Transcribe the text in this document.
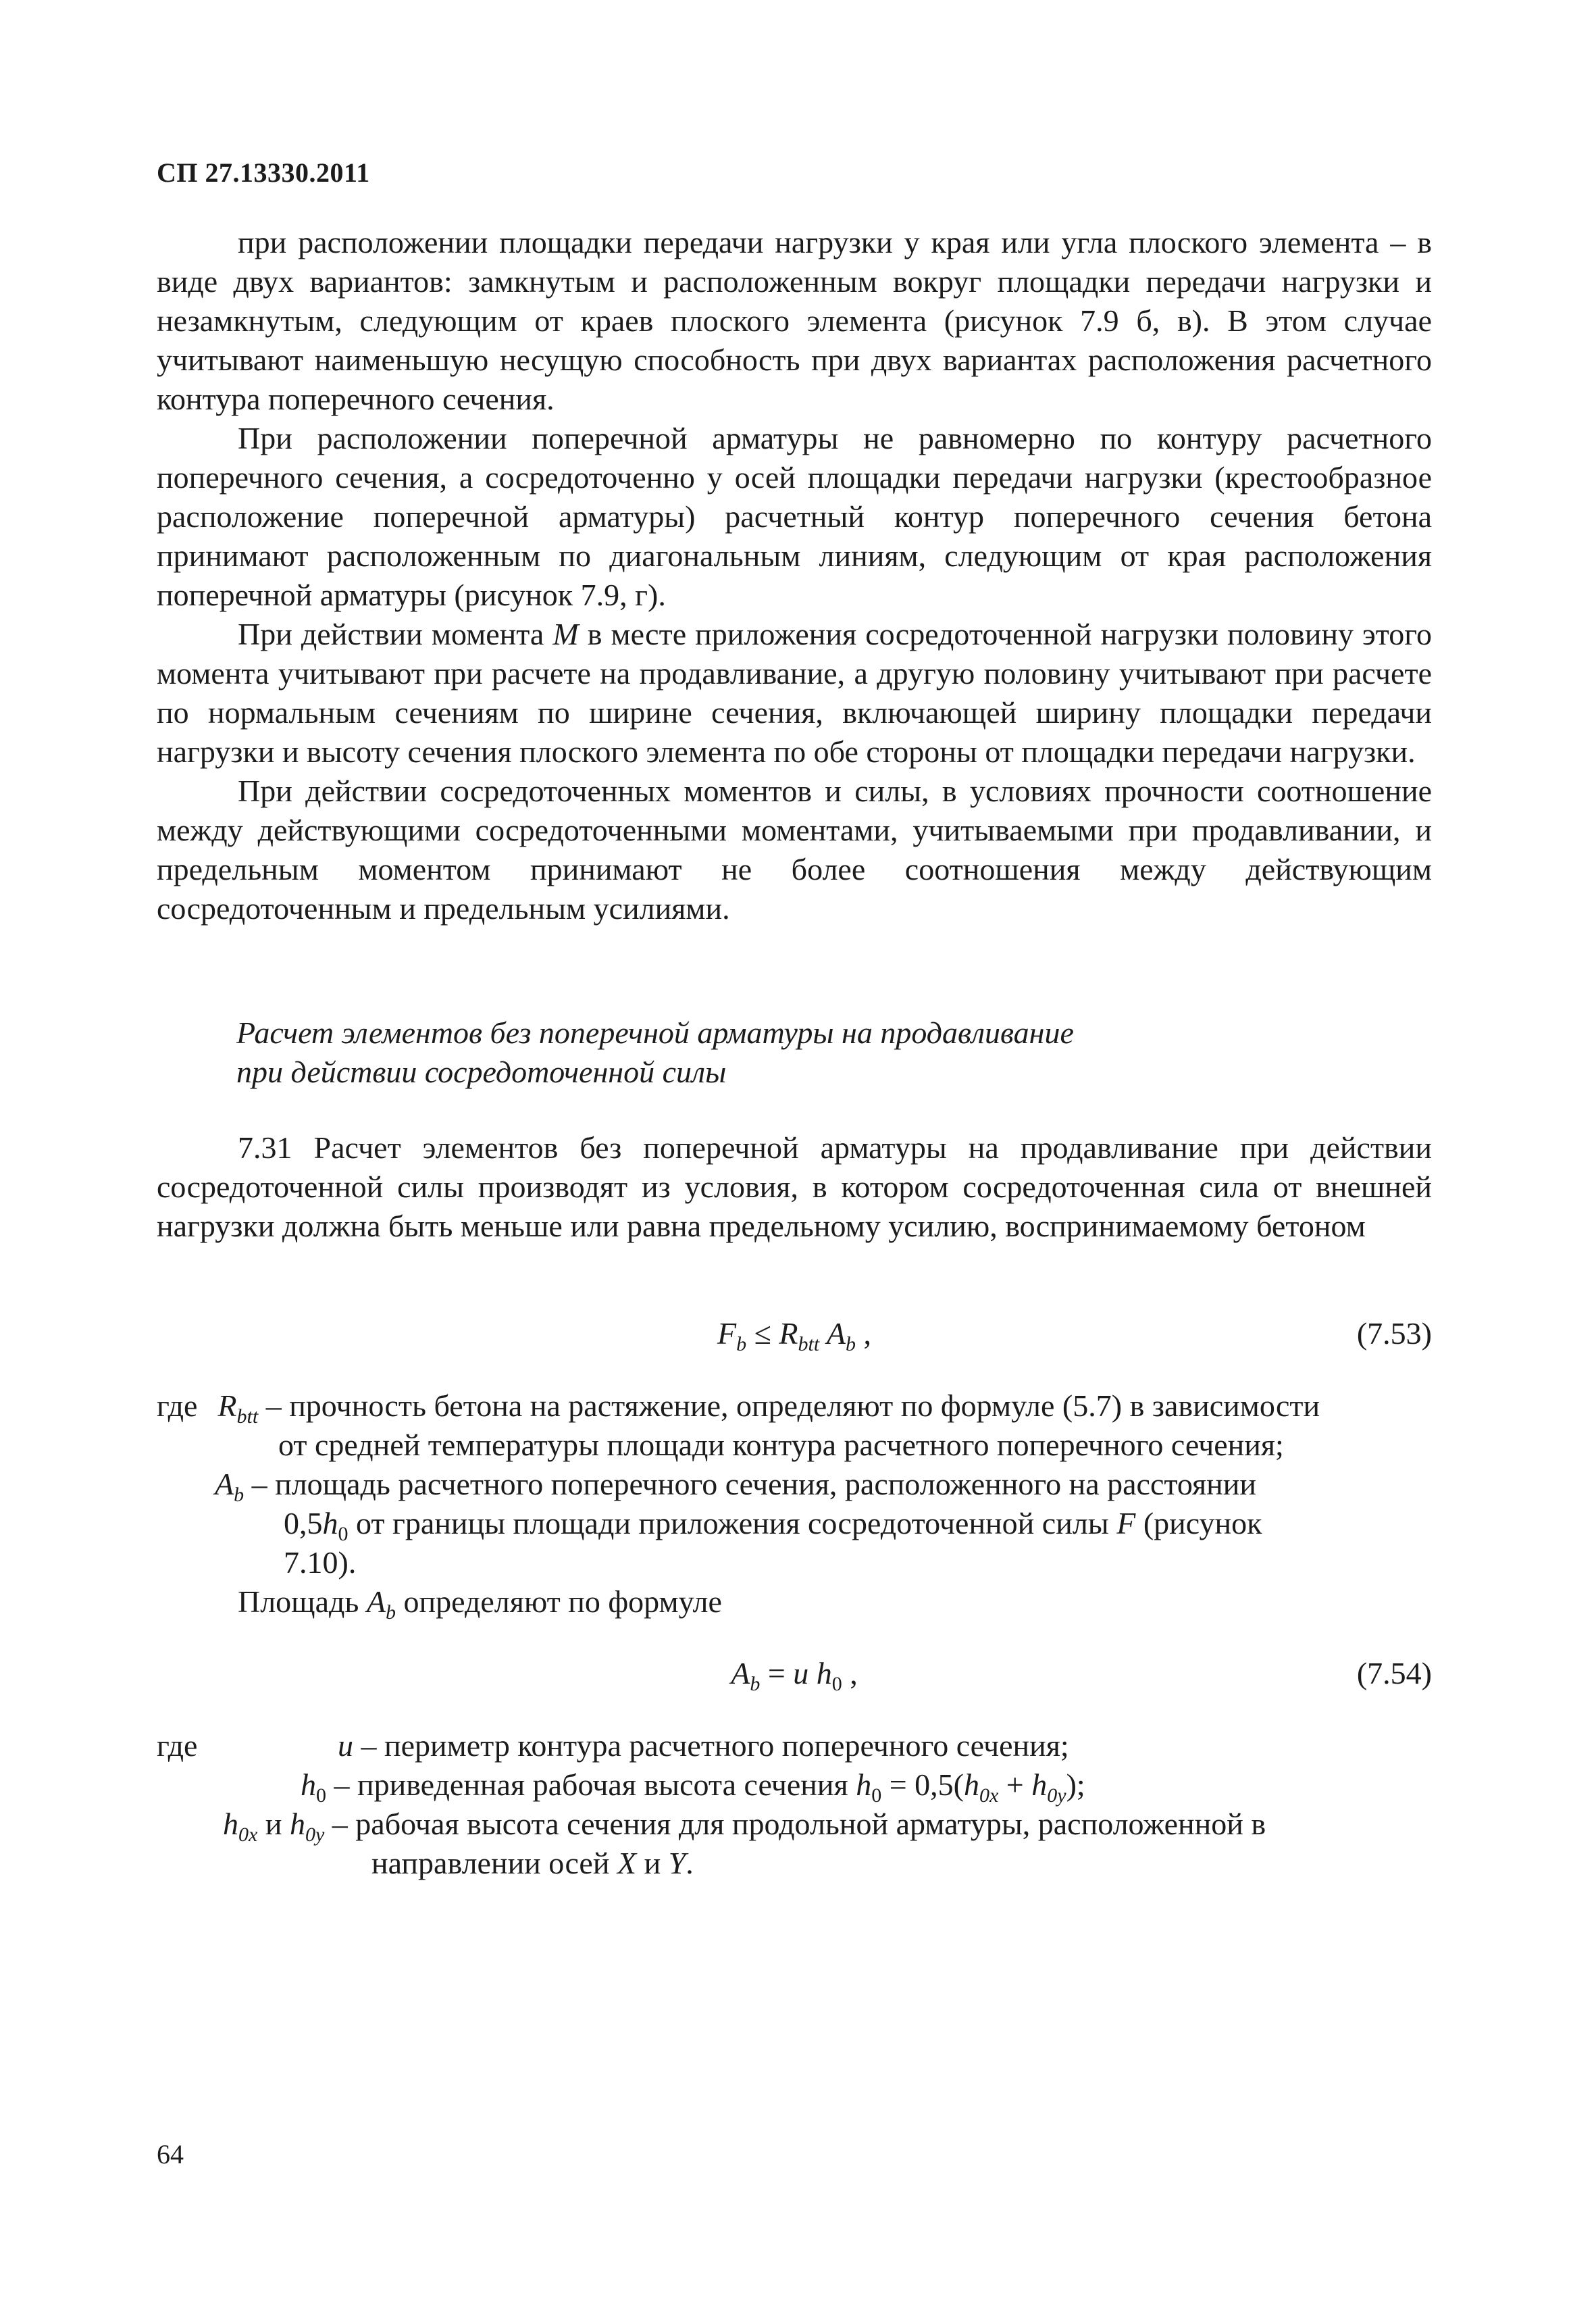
СП 27.13330.2011

при расположении площадки передачи нагрузки у края или угла плоского элемента – в виде двух вариантов: замкнутым и расположенным вокруг площадки передачи нагрузки и незамкнутым, следующим от краев плоского элемента (рисунок 7.9 б, в). В этом случае учитывают наименьшую несущую способность при двух вариантах расположения расчетного контура поперечного сечения.

При расположении поперечной арматуры не равномерно по контуру расчетного поперечного сечения, а сосредоточенно у осей площадки передачи нагрузки (крестообразное расположение поперечной арматуры) расчетный контур поперечного сечения бетона принимают расположенным по диагональным линиям, следующим от края расположения поперечной арматуры (рисунок 7.9, г).

При действии момента M в месте приложения сосредоточенной нагрузки половину этого момента учитывают при расчете на продавливание, а другую половину учитывают при расчете по нормальным сечениям по ширине сечения, включающей ширину площадки передачи нагрузки и высоту сечения плоского элемента по обе стороны от площадки передачи нагрузки.

При действии сосредоточенных моментов и силы, в условиях прочности соотношение между действующими сосредоточенными моментами, учитываемыми при продавливании, и предельным моментом принимают не более соотношения между действующим сосредоточенным и предельным усилиями.

Расчет элементов без поперечной арматуры на продавливание
при действии сосредоточенной силы

7.31 Расчет элементов без поперечной арматуры на продавливание при действии сосредоточенной силы производят из условия, в котором сосредоточенная сила от внешней нагрузки должна быть меньше или равна предельному усилию, воспринимаемому бетоном

$F_b \le R_{btt}$ $A_b$ ,	(7.53)
где $R_{btt}$ – прочность бетона на растяжение, определяют по формуле (5.7) в зависимости
от средней температуры площади контура расчетного поперечного сечения;
$A_b$ – площадь расчетного поперечного сечения, расположенного на расстоянии
$0,5h_0$ от границы площади приложения сосредоточенной силы F (рисунок
7.10).
Площадь $A_b$ определяют по формуле
$A_b = u$ $h_0$ ,	(7.54)
где	u – периметр контура расчетного поперечного сечения;
$h_0$ – приведенная рабочая высота сечения $h_0 = 0,5(h_{0x} + h_{0y})$;
$h_{0x}$ и $h_{0y}$ – рабочая высота сечения для продольной арматуры, расположенной в
направлении осей X и Y.
64
